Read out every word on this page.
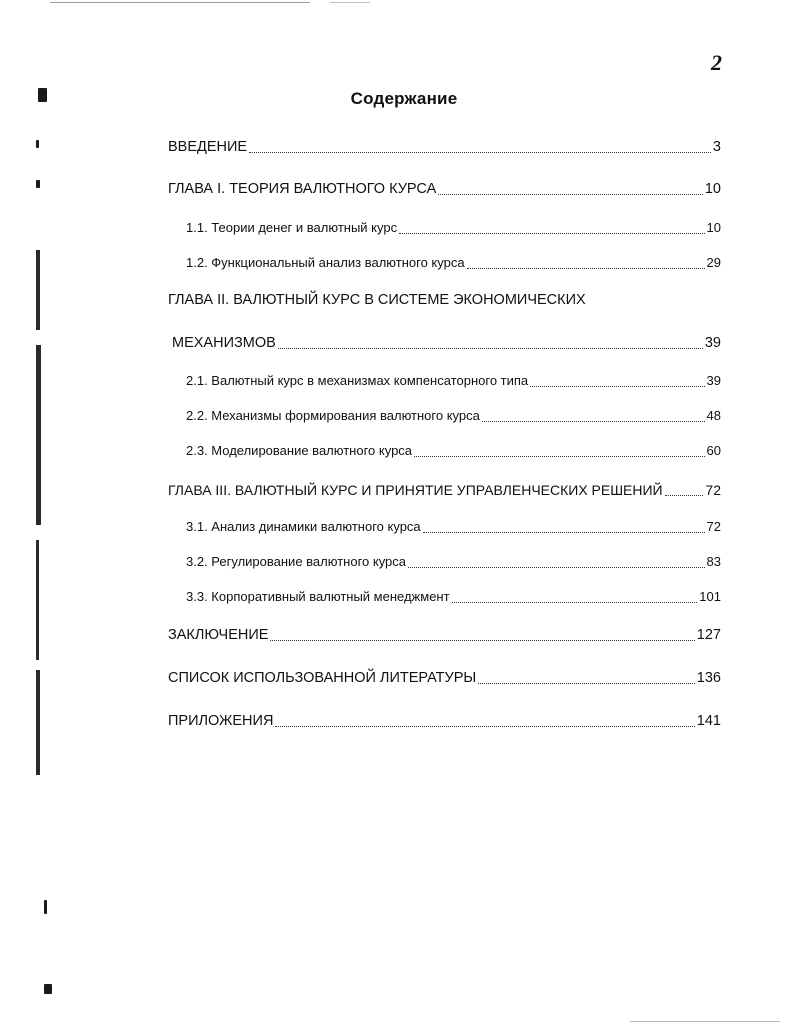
2
Содержание
ВВЕДЕНИЕ	3
ГЛАВА I. ТЕОРИЯ ВАЛЮТНОГО КУРСА	10
1.1. Теории денег и валютный курс	10
1.2. Функциональный анализ валютного курса	29
ГЛАВА II. ВАЛЮТНЫЙ КУРС В СИСТЕМЕ ЭКОНОМИЧЕСКИХ
МЕХАНИЗМОВ	39
2.1. Валютный курс в механизмах компенсаторного типа	39
2.2. Механизмы формирования валютного курса	48
2.3. Моделирование валютного курса	60
ГЛАВА III. ВАЛЮТНЫЙ КУРС И ПРИНЯТИЕ УПРАВЛЕНЧЕСКИХ РЕШЕНИЙ	72
3.1. Анализ динамики валютного курса	72
3.2. Регулирование валютного курса	83
3.3. Корпоративный валютный менеджмент	101
ЗАКЛЮЧЕНИЕ	127
СПИСОК ИСПОЛЬЗОВАННОЙ ЛИТЕРАТУРЫ	136
ПРИЛОЖЕНИЯ	141
